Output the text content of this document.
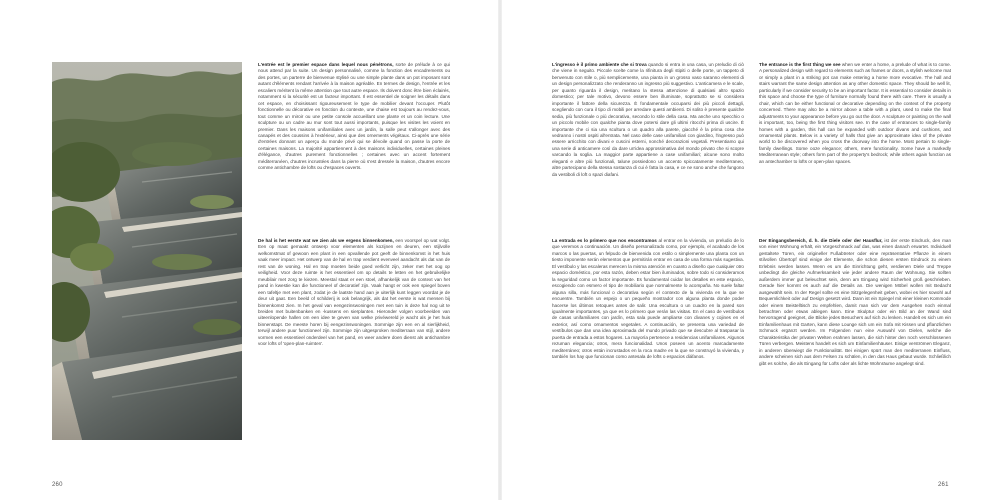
L'entrée est le premier espace dans lequel nous pénétrons, sorte de prélude à ce qui nous attend par la suite. Un design personnalisé, comme la fonction des encadrements ou des portes, un parterre de bienvenue stylisé ou une simple plante dans un pot imposant sont autant d'éléments rendant l'arrivée à la maison agréable. En termes de design, l'entrée et les escaliers méritent la même attention que tout autre espace. Ils doivent donc être bien éclairés, notamment si la sécurité est un facteur important. Il est essentiel de soigner les détails dans cet espace, en choisissant rigoureusement le type de mobilier devant l'occuper. Plutôt fonctionnelle ou décorative en fonction du contexte, une chaise est toujours au rendez-vous, tout comme un miroir ou une petite console accueillant une plante et un coin lecture. Une sculpture ou un cadre au mur sont tout aussi importants, puisque les visites les voient en premier. Dans les maisons unifamiliales avec un jardin, la salle peut s'allonger avec des canapés et des coussins à l'extérieur, ainsi que des ornements végétaux. Ci-après une série d'entrées donnant un aperçu du monde privé qui se dévoile quand on passe la porte de certaines maisons. La majorité appartiennent à des maisons individuelles, certaines pleines d'élégance, d'autres purement fonctionnelles ; certaines avec un accent fortement méditerranéen, d'autres incrustées dans la pierre où s'est dressée la maison, d'autres encore comme antichambre de lofts ou d'espaces ouverts.

De hal is het eerste wat we zien als we ergens binnenkomen, een voorspel op wat volgt. Een op maat gemaakt ontwerp voor elementen als kozijnen en deuren, een stijlvolle welkomstmat of gewoon een plant in een opvallende pot geeft de binnenkomst in het huis vaak meer impact. Het ontwerp van de hal en trap verdient evenveel aandacht als dat van de rest van de woning. Hal en trap moeten beide goed verlicht zijn, zeker met het oog op veiligheid. Voor deze ruimte is het essentieel om op details te letten en het gebruikelijke meubilair met zorg te kiezen. Meestal staat er een stoel, afhankelijk van de context van het pand in kwestie kan die functioneel of decoratief zijn. Vaak hangt er ook een spiegel boven een tafeltje met een plant, zodat je de laatste hand aan je uiterlijk kunt leggen voordat je de deur uit gaat. Een beeld of schilderij is ook belangrijk, als dat het eerste is wat mensen bij binnenkomst zien. In het geval van eengezinswoningen met een tuin is deze hal nog uit te breiden met buitenbanken en -kussens en sierplanten. Hieronder volgen voorbeelden van uiteenlopende hallen om een idee te geven van welke privéwereld je wacht als je het huis binnenstapt. De meeste horen bij eengezinswoningen. Sommige zijn een en al sierlijkheid, terwijl andere puur functioneel zijn. Sommige zijn uitgesproken mediterraan van stijl, andere vormen een essentieel onderdeel van het pand, en weer andere doen dienst als antichambre voor lofts of 'open-plan-ruimten'.

L'ingresso è il primo ambiente che si trova quando si entra in una casa, un preludio di ciò che viene in seguito. Piccole scelte come la rifinitura degli stipiti o delle porte, un tappeto di benvenuto con stile o, più semplicemente, una pianta in un grosso vaso saranno elementi di un design personalizzato che renderanno un ingresso più suggestivo. L'anticamera e le scale, per quanto riguarda il design, meritano la stessa attenzione di qualsiasi altro spazio domestico; per tale motivo, devono essere ben illuminate, soprattutto se si considera importante il fattore della sicurezza. È fondamentale occuparsi dei più piccoli dettagli, scegliendo con cura il tipo di mobili per arredare questi ambienti. Di solito è presente qualche sedia, più funzionale o più decorativa, secondo lo stile della casa. Ma anche uno specchio o un piccolo mobile con qualche pianta dove potersi dare gli ultimi ritocchi prima di uscire. È importante che ci sia una scultura o un quadro alla parete, giacché è la prima cosa che vedranno i nostri ospiti all'entrata. Nel caso delle case unifamiliari con giardino, l'ingresso può essere arricchito con divani e cuscini esterni, nonché decorazioni vegetali. Presentiamo qui una serie di anticamere così da dare un'idea approssimativa del mondo privato che si scopre varcando la soglia. La maggior parte appartiene a case unifamiliari; alcune sono molto eleganti e altre più funzionali, talune possiedono un accento spiccatamente mediterraneo, altre partecipano della stessa sostanza di cui è fatta la casa, e ce ne sono anche che fungono da vestiboli di loft o spazi diafani.

La entrada es lo primero que nos encontramos al entrar en la vivienda, un preludio de lo que veremos a continuación. Un diseño personalizado como, por ejemplo, el acabado de los marcos o las puertas, un felpudo de bienvenida con estilo o simplemente una planta con un tiesto imponente serán elementos que permitirán entrar en casa de una forma más sugestiva. El vestíbulo y las escaleras merecen la misma atención en cuanto a diseño que cualquier otro espacio doméstico, por esta razón, deben estar bien iluminados, sobre todo si consideramos la seguridad como un factor importante. Es fundamental cuidar los detalles en este espacio, escogiendo con esmero el tipo de mobiliario que normalmente lo acompaña. No suele faltar alguna silla, más funcional o decorativa según el contexto de la vivienda en la que se encuentre. También un espejo o un pequeño mostrador con alguna planta donde poder hacerse los últimos retoques antes de salir. Una escultura o un cuadro en la pared son igualmente importantes, ya que es lo primero que verán las visitas. En el caso de vestíbulos de casas unifamiliares con jardín, esta sala puede ampliarse con divanes y cojines en el exterior, así como ornamentos vegetales. A continuación, se presenta una variedad de vestíbulos que dan una idea aproximada del mundo privado que se descubre al traspasar la puerta de entrada a estos hogares. La mayoría pertenece a residencias unifamiliares. Algunos rezuman elegancia; otros, mera funcionalidad. Unos poseen un acento marcadamente mediterráneo; otros están incrustados en la roca madre en la que se construyó la vivienda, y también los hay que funcionan como antesala de lofts o espacios diáfanos.

The entrance is the first thing we see when we enter a home, a prelude of what is to come. A personalized design with regard to elements such as frames or doors, a stylish welcome mat or simply a plant in a striking pot can make entering a home more evocative. The hall and stairs warrant the same design attention as any other domestic space. They should be well lit, particularly if we consider security to be an important factor. It is essential to consider details in this space and choose the type of furniture normally found there with care. There is usually a chair, which can be either functional or decorative depending on the context of the property concerned. There may also be a mirror above a table with a plant, used to make the final adjustments to your appearance before you go out the door. A sculpture or painting on the wall is important, too, being the first thing visitors see. In the case of entrances to single-family homes with a garden, this hall can be expanded with outdoor divans and cushions, and ornamental plants. Below is a variety of halls that give an approximate idea of the private world to be discovered when you cross the doorway into the home. Most pertain to single-family dwellings. Some ooze elegance; others, mere functionality. Some have a markedly Mediterranean style; others form part of the property's bedrock; while others again function as an antechamber to lofts or open-plan spaces.

Der Eingangsbereich, d. h. die Diele oder der Hausflur, ist der erste Eindruck, den man von einer Wohnung erhält, ein Vorgeschmack auf das, was einen danach erwartet. Individuell gestaltete Türen, ein origineller Fußabtreter oder eine repräsentative Pflanze in einem stilvollen Übertopf sind einige der Elemente, die schon diesen ersten Eindruck zu einem Erlebnis werden lassen. Wenn es um die Einrichtung geht, verdienen Diele und Treppe unbedingt die gleiche Aufmerksamkeit wie jeder andere Raum der Wohnung. Sie sollten außerdem immer gut beleuchtet sein, denn am Eingang wird Sicherheit groß geschrieben. Gerade hier kommt es auch auf die Details an. Die wenigen Möbel wollen mit Bedacht ausgewählt sein. In der Regel sollte es eine Sitzgelegenheit geben, wobei es hier sowohl auf Bequemlichkeit oder auf Design gesetzt wird. Dann ist ein Spiegel mit einer kleinen Kommode oder einem Beistelltisch zu empfehlen, damit man sich vor dem Ausgehen noch einmal betrachten oder etwas ablegen kann. Eine Skulptur oder ein Bild an der Wand sind hervorragend geeignet, die Blicke jedes Besuchers auf sich zu lenken. Handelt es sich um ein Einfamilienhaus mit Garten, kann diese Lounge sich um ein Sofa mit Kissen und pflanzlichen Schmuck ergänzt werden. Im Folgenden nun eine Auswahl von Dielen, welche die Charakteristika der privaten Welten erahnen lassen, die sich hinter den noch verschlossenen Türen verbergen. Meistens handelt es sich um Einfamilienhäuser. Einige verströmen Eleganz, in anderen überwiegt die Funktionalität. Bei einigen spürt man den mediterranen Einfluss, andere scheinen sich aus dem Felsen zu schälen, in den das Haus gebaut wurde. Schließlich gibt es solche, die als Eingang für Lofts oder als lichte Wohnräume angelegt sind.

260	261
